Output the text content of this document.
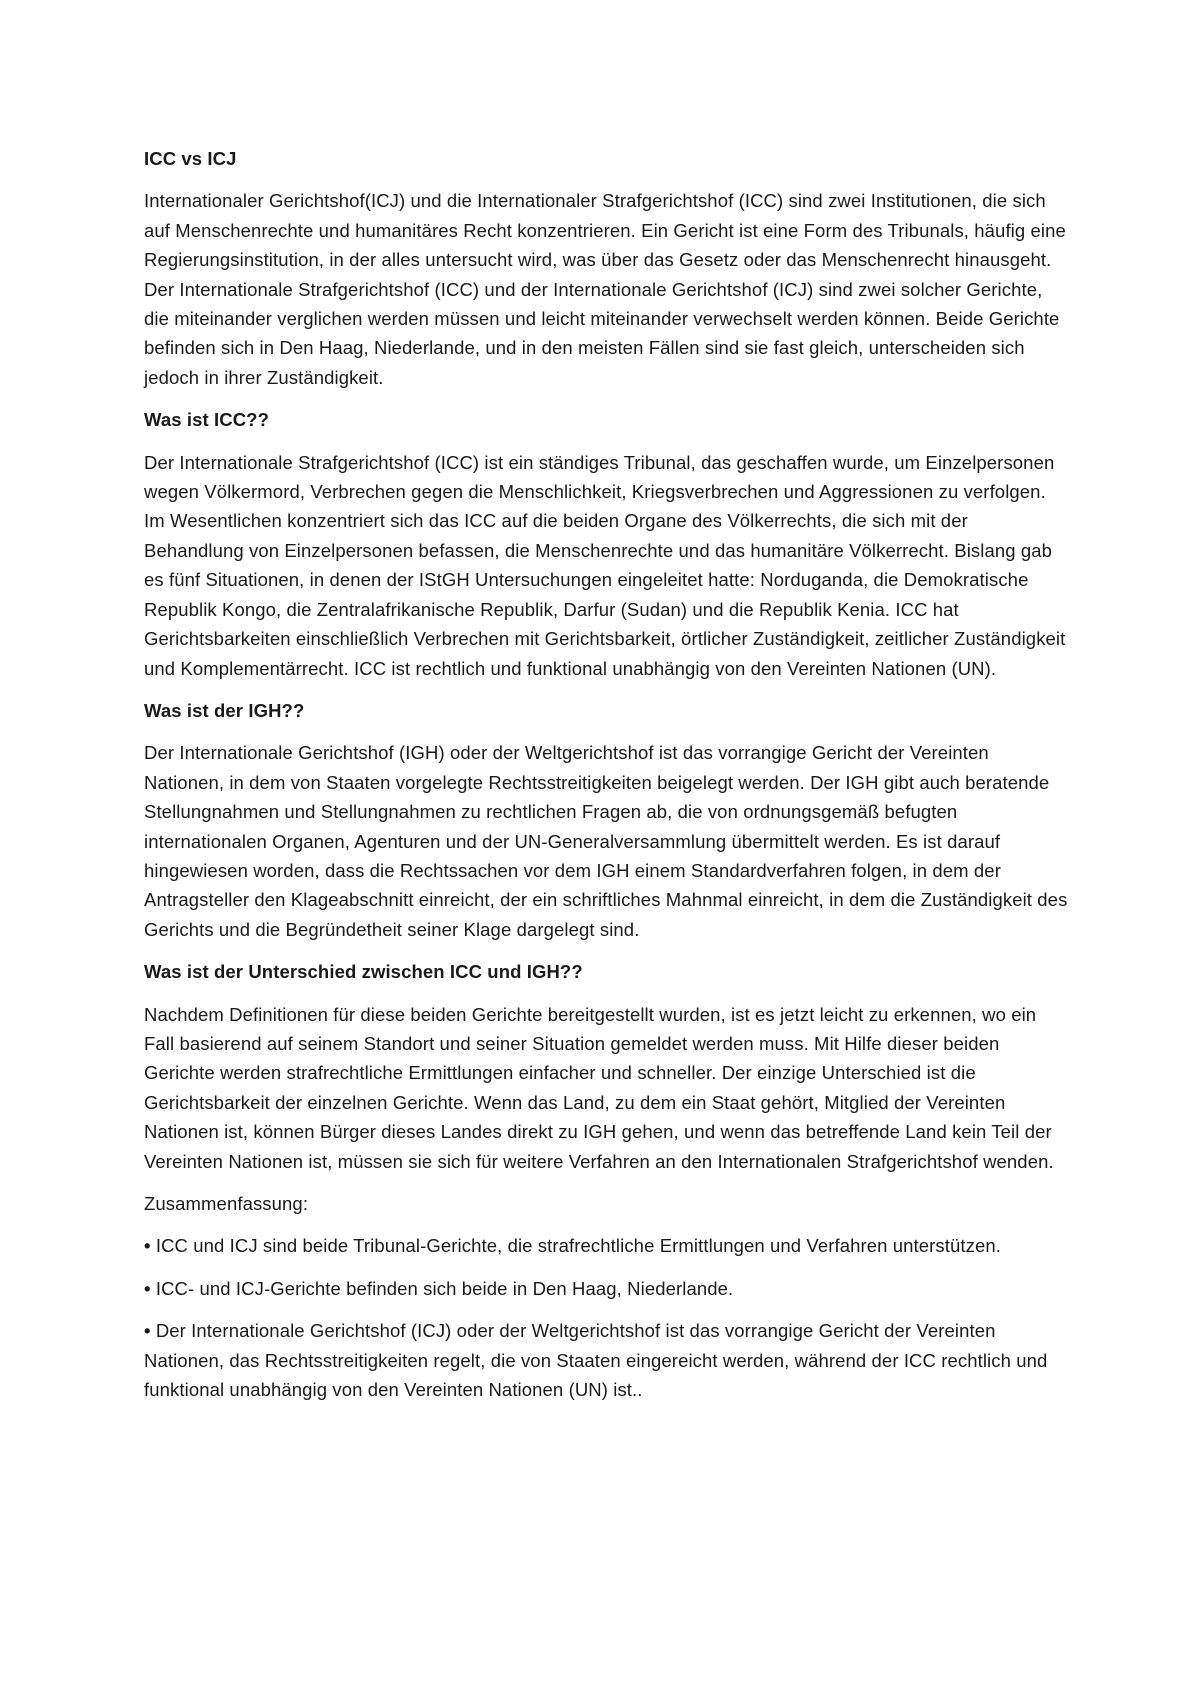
ICC vs ICJ

Internationaler Gerichtshof(ICJ) und die Internationaler Strafgerichtshof (ICC) sind zwei Institutionen, die sich auf Menschenrechte und humanitäres Recht konzentrieren. Ein Gericht ist eine Form des Tribunals, häufig eine Regierungsinstitution, in der alles untersucht wird, was über das Gesetz oder das Menschenrecht hinausgeht. Der Internationale Strafgerichtshof (ICC) und der Internationale Gerichtshof (ICJ) sind zwei solcher Gerichte, die miteinander verglichen werden müssen und leicht miteinander verwechselt werden können. Beide Gerichte befinden sich in Den Haag, Niederlande, und in den meisten Fällen sind sie fast gleich, unterscheiden sich jedoch in ihrer Zuständigkeit.

Was ist ICC??

Der Internationale Strafgerichtshof (ICC) ist ein ständiges Tribunal, das geschaffen wurde, um Einzelpersonen wegen Völkermord, Verbrechen gegen die Menschlichkeit, Kriegsverbrechen und Aggressionen zu verfolgen. Im Wesentlichen konzentriert sich das ICC auf die beiden Organe des Völkerrechts, die sich mit der Behandlung von Einzelpersonen befassen, die Menschenrechte und das humanitäre Völkerrecht. Bislang gab es fünf Situationen, in denen der IStGH Untersuchungen eingeleitet hatte: Norduganda, die Demokratische Republik Kongo, die Zentralafrikanische Republik, Darfur (Sudan) und die Republik Kenia. ICC hat Gerichtsbarkeiten einschließlich Verbrechen mit Gerichtsbarkeit, örtlicher Zuständigkeit, zeitlicher Zuständigkeit und Komplementärrecht. ICC ist rechtlich und funktional unabhängig von den Vereinten Nationen (UN).

Was ist der IGH??

Der Internationale Gerichtshof (IGH) oder der Weltgerichtshof ist das vorrangige Gericht der Vereinten Nationen, in dem von Staaten vorgelegte Rechtsstreitigkeiten beigelegt werden. Der IGH gibt auch beratende Stellungnahmen und Stellungnahmen zu rechtlichen Fragen ab, die von ordnungsgemäß befugten internationalen Organen, Agenturen und der UN-Generalversammlung übermittelt werden. Es ist darauf hingewiesen worden, dass die Rechtssachen vor dem IGH einem Standardverfahren folgen, in dem der Antragsteller den Klageabschnitt einreicht, der ein schriftliches Mahnmal einreicht, in dem die Zuständigkeit des Gerichts und die Begründetheit seiner Klage dargelegt sind.

Was ist der Unterschied zwischen ICC und IGH??

Nachdem Definitionen für diese beiden Gerichte bereitgestellt wurden, ist es jetzt leicht zu erkennen, wo ein Fall basierend auf seinem Standort und seiner Situation gemeldet werden muss. Mit Hilfe dieser beiden Gerichte werden strafrechtliche Ermittlungen einfacher und schneller. Der einzige Unterschied ist die Gerichtsbarkeit der einzelnen Gerichte. Wenn das Land, zu dem ein Staat gehört, Mitglied der Vereinten Nationen ist, können Bürger dieses Landes direkt zu IGH gehen, und wenn das betreffende Land kein Teil der Vereinten Nationen ist, müssen sie sich für weitere Verfahren an den Internationalen Strafgerichtshof wenden.

Zusammenfassung:

• ICC und ICJ sind beide Tribunal-Gerichte, die strafrechtliche Ermittlungen und Verfahren unterstützen.

• ICC- und ICJ-Gerichte befinden sich beide in Den Haag, Niederlande.

• Der Internationale Gerichtshof (ICJ) oder der Weltgerichtshof ist das vorrangige Gericht der Vereinten Nationen, das Rechtsstreitigkeiten regelt, die von Staaten eingereicht werden, während der ICC rechtlich und funktional unabhängig von den Vereinten Nationen (UN) ist..
